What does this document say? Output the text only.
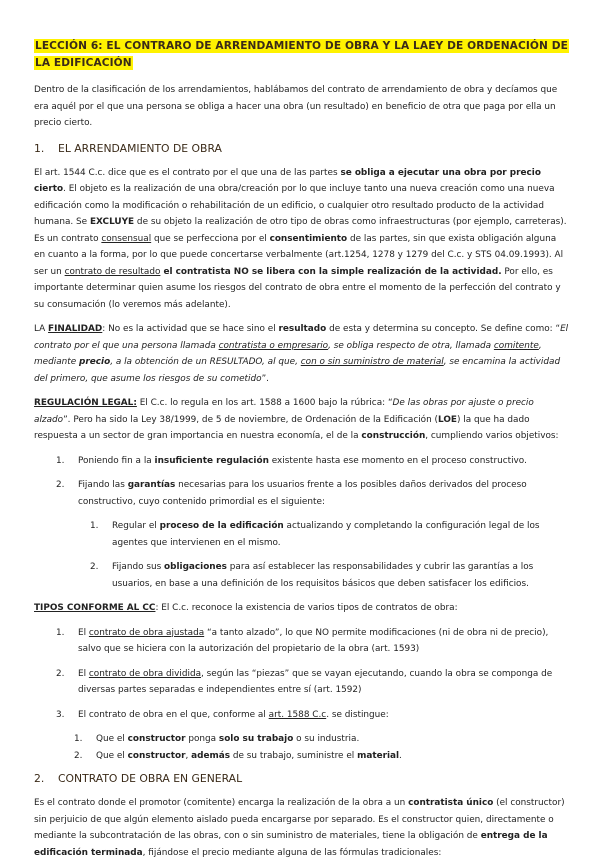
LECCIÓN 6: EL CONTRARO DE ARRENDAMIENTO DE OBRA Y LA LAEY DE ORDENACIÓN DE LA EDIFICACIÓN

Dentro de la clasificación de los arrendamientos, hablábamos del contrato de arrendamiento de obra y decíamos que era aquél por el que una persona se obliga a hacer una obra (un resultado) en beneficio de otra que paga por ella un precio cierto.

1. EL ARRENDAMIENTO DE OBRA

El art. 1544 C.c. dice que es el contrato por el que una de las partes se obliga a ejecutar una obra por precio cierto. El objeto es la realización de una obra/creación por lo que incluye tanto una nueva creación como una nueva edificación como la modificación o rehabilitación de un edificio, o cualquier otro resultado producto de la actividad humana. Se EXCLUYE de su objeto la realización de otro tipo de obras como infraestructuras (por ejemplo, carreteras). Es un contrato consensual que se perfecciona por el consentimiento de las partes, sin que exista obligación alguna en cuanto a la forma, por lo que puede concertarse verbalmente (art.1254, 1278 y 1279 del C.c. y STS 04.09.1993). Al ser un contrato de resultado el contratista NO se libera con la simple realización de la actividad. Por ello, es importante determinar quien asume los riesgos del contrato de obra entre el momento de la perfección del contrato y su consumación (lo veremos más adelante).

LA FINALIDAD: No es la actividad que se hace sino el resultado de esta y determina su concepto. Se define como: “El contrato por el que una persona llamada contratista o empresario, se obliga respecto de otra, llamada comitente, mediante precio, a la obtención de un RESULTADO, al que, con o sin suministro de material, se encamina la actividad del primero, que asume los riesgos de su cometido”.

REGULACIÓN LEGAL: El C.c. lo regula en los art. 1588 a 1600 bajo la rúbrica: “De las obras por ajuste o precio alzado”. Pero ha sido la Ley 38/1999, de 5 de noviembre, de Ordenación de la Edificación (LOE) la que ha dado respuesta a un sector de gran importancia en nuestra economía, el de la construcción, cumpliendo varios objetivos:

1.	Poniendo fin a la insuficiente regulación existente hasta ese momento en el proceso constructivo.
2.	Fijando las garantías necesarias para los usuarios frente a los posibles daños derivados del proceso constructivo, cuyo contenido primordial es el siguiente:
1.	Regular el proceso de la edificación actualizando y completando la configuración legal de los agentes que intervienen en el mismo.
2.	Fijando sus obligaciones para así establecer las responsabilidades y cubrir las garantías a los usuarios, en base a una definición de los requisitos básicos que deben satisfacer los edificios.

TIPOS CONFORME AL CC: El C.c. reconoce la existencia de varios tipos de contratos de obra:

1.	El contrato de obra ajustada “a tanto alzado”, lo que NO permite modificaciones (ni de obra ni de precio), salvo que se hiciera con la autorización del propietario de la obra (art. 1593)
2.	El contrato de obra dividida, según las “piezas” que se vayan ejecutando, cuando la obra se componga de diversas partes separadas e independientes entre sí (art. 1592)
3.	El contrato de obra en el que, conforme al art. 1588 C.c. se distingue:
1.	Que el constructor ponga solo su trabajo o su industria.
2.	Que el constructor, además de su trabajo, suministre el material.
2. CONTRATO DE OBRA EN GENERAL

Es el contrato donde el promotor (comitente) encarga la realización de la obra a un contratista único (el constructor) sin perjuicio de que algún elemento aislado pueda encargarse por separado. Es el constructor quien, directamente o mediante la subcontratación de las obras, con o sin suministro de materiales, tiene la obligación de entrega de la edificación terminada, fijándose el precio mediante alguna de las fórmulas tradicionales:
